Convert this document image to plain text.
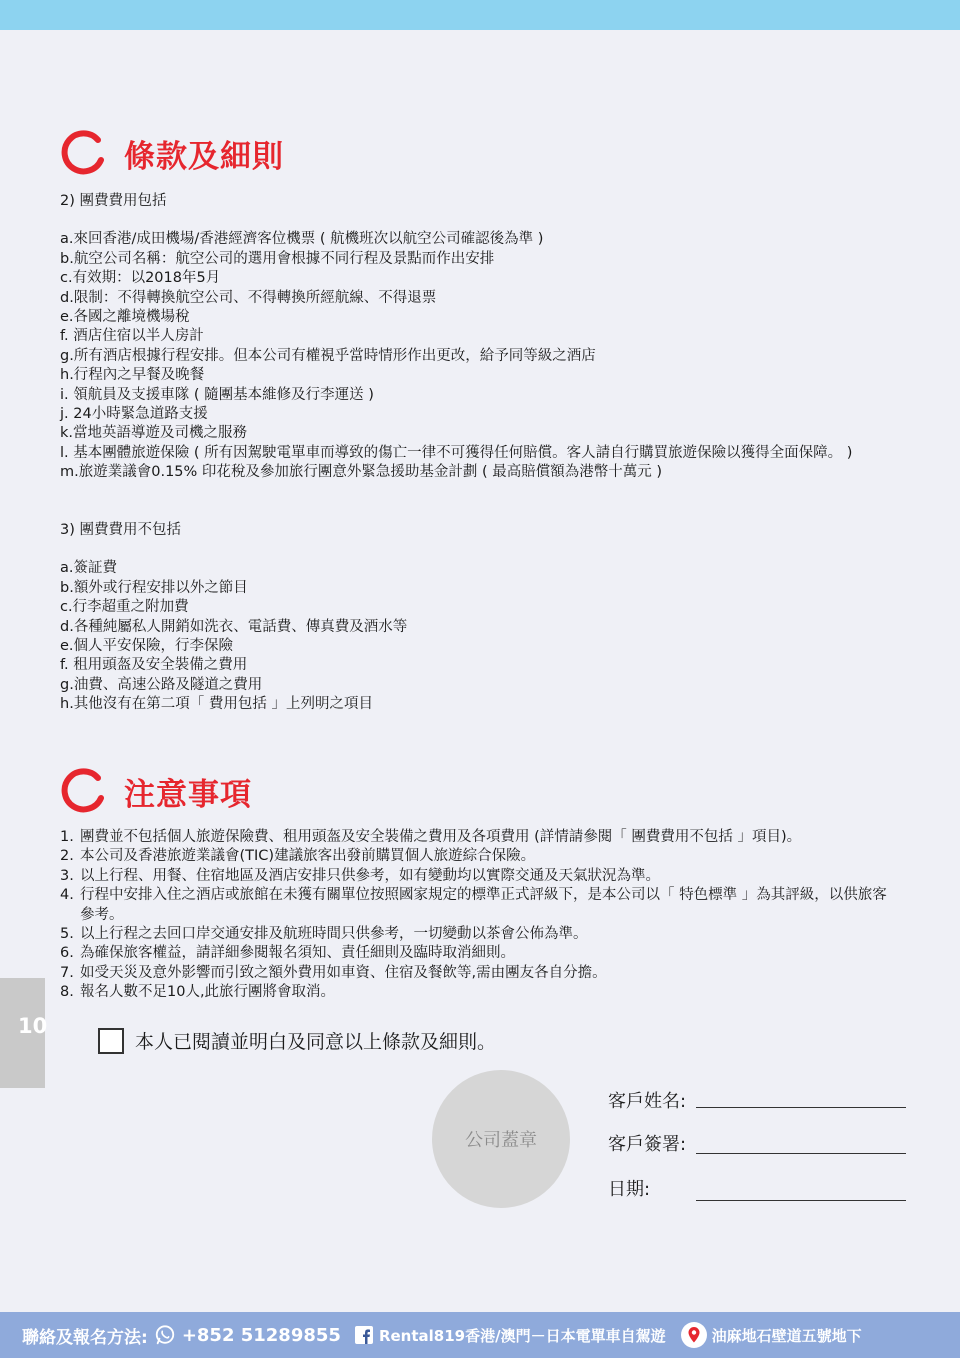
條款及細則
2) 團費費用包括
a.來回香港/成田機場/香港經濟客位機票 ( 航機班次以航空公司確認後為準 )
b.航空公司名稱：航空公司的選用會根據不同行程及景點而作出安排
c.有效期：以2018年5月
d.限制：不得轉換航空公司、不得轉換所經航線、不得退票
e.各國之離境機場稅
f. 酒店住宿以半人房計
g.所有酒店根據行程安排。但本公司有權視乎當時情形作出更改，給予同等級之酒店
h.行程內之早餐及晚餐
i. 領航員及支援車隊 ( 隨團基本維修及行李運送 )
j. 24小時緊急道路支援
k.當地英語導遊及司機之服務
l. 基本團體旅遊保險 ( 所有因駕駛電單車而導致的傷亡一律不可獲得任何賠償。客人請自行購買旅遊保險以獲得全面保障。 )
m.旅遊業議會0.15% 印花稅及參加旅行團意外緊急援助基金計劃 ( 最高賠償額為港幣十萬元 )
3) 團費費用不包括
a.簽証費
b.額外或行程安排以外之節目
c.行李超重之附加費
d.各種純屬私人開銷如洗衣、電話費、傳真費及酒水等
e.個人平安保險，行李保險
f. 租用頭盔及安全裝備之費用
g.油費、高速公路及隧道之費用
h.其他沒有在第二項「 費用包括 」上列明之項目
注意事項
1. 團費並不包括個人旅遊保險費、租用頭盔及安全裝備之費用及各項費用 (詳情請參閱「 團費費用不包括 」項目)。
2. 本公司及香港旅遊業議會(TIC)建議旅客出發前購買個人旅遊綜合保險。
3. 以上行程、用餐、住宿地區及酒店安排只供參考，如有變動均以實際交通及天氣狀況為準。
4. 行程中安排入住之酒店或旅館在未獲有關單位按照國家規定的標準正式評級下，是本公司以「 特色標準 」為其評級，以供旅客參考。
5. 以上行程之去回口岸交通安排及航班時間只供參考，一切變動以茶會公佈為準。
6. 為確保旅客權益，請詳細參閱報名須知、責任細則及臨時取消細則。
7. 如受天災及意外影響而引致之額外費用如車資、住宿及餐飲等,需由團友各自分擔。
8. 報名人數不足10人,此旅行團將會取消。
10
本人已閱讀並明白及同意以上條款及細則。
公司蓋章
客戶姓名:
客戶簽署:
日期:
聯絡及報名方法: +852 51289855	Rental819香港/澳門－日本電單車自駕遊	油麻地石壁道五號地下
